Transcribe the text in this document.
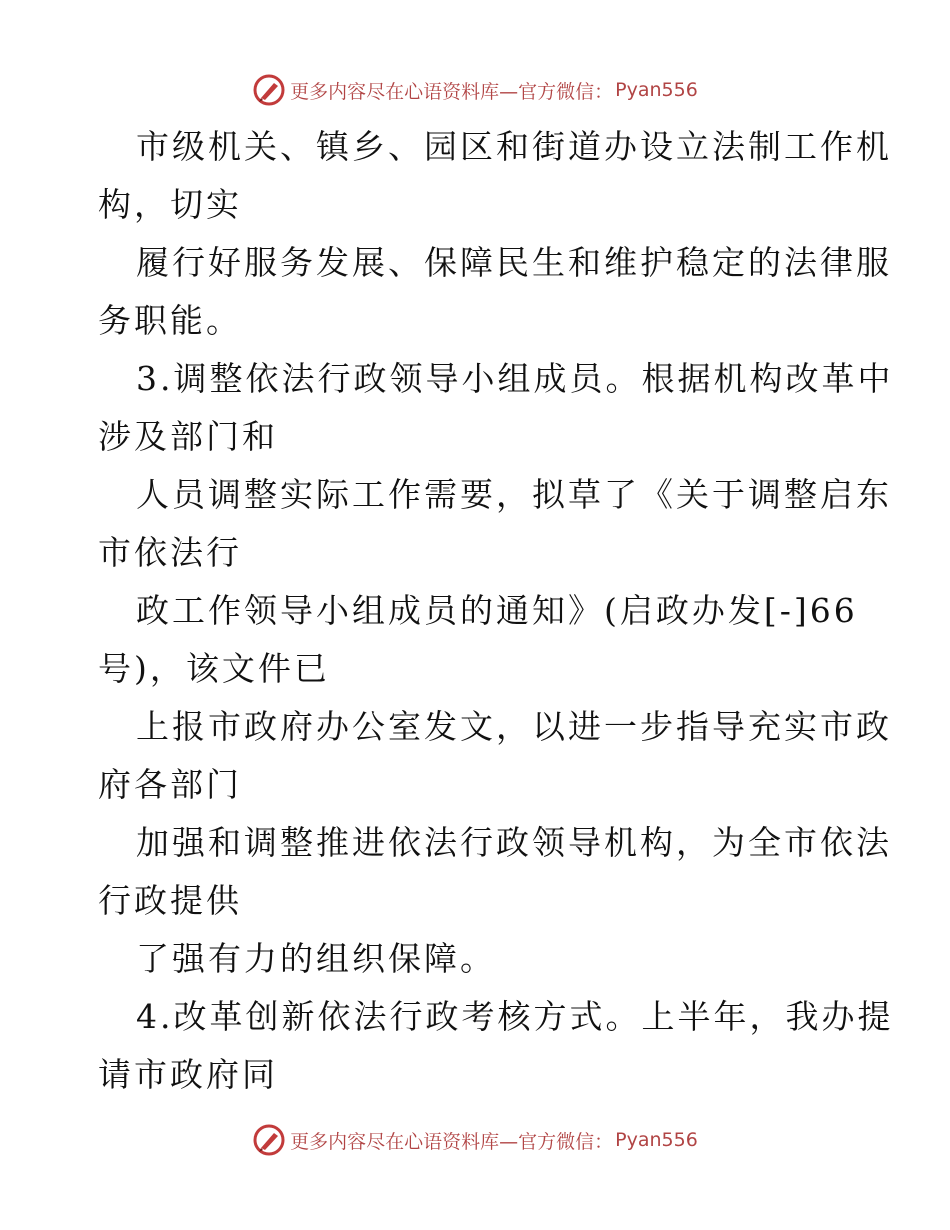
更多内容尽在心语资料库—官方微信： Pyan556
市级机关、镇乡、园区和街道办设立法制工作机
构，切实
履行好服务发展、保障民生和维护稳定的法律服
务职能。
3.调整依法行政领导小组成员。根据机构改革中
涉及部门和
人员调整实际工作需要，拟草了《关于调整启东
市依法行
政工作领导小组成员的通知》(启政办发[-]66
号)，该文件已
上报市政府办公室发文，以进一步指导充实市政
府各部门
加强和调整推进依法行政领导机构，为全市依法
行政提供
了强有力的组织保障。
4.改革创新依法行政考核方式。上半年，我办提
请市政府同
更多内容尽在心语资料库—官方微信： Pyan556
